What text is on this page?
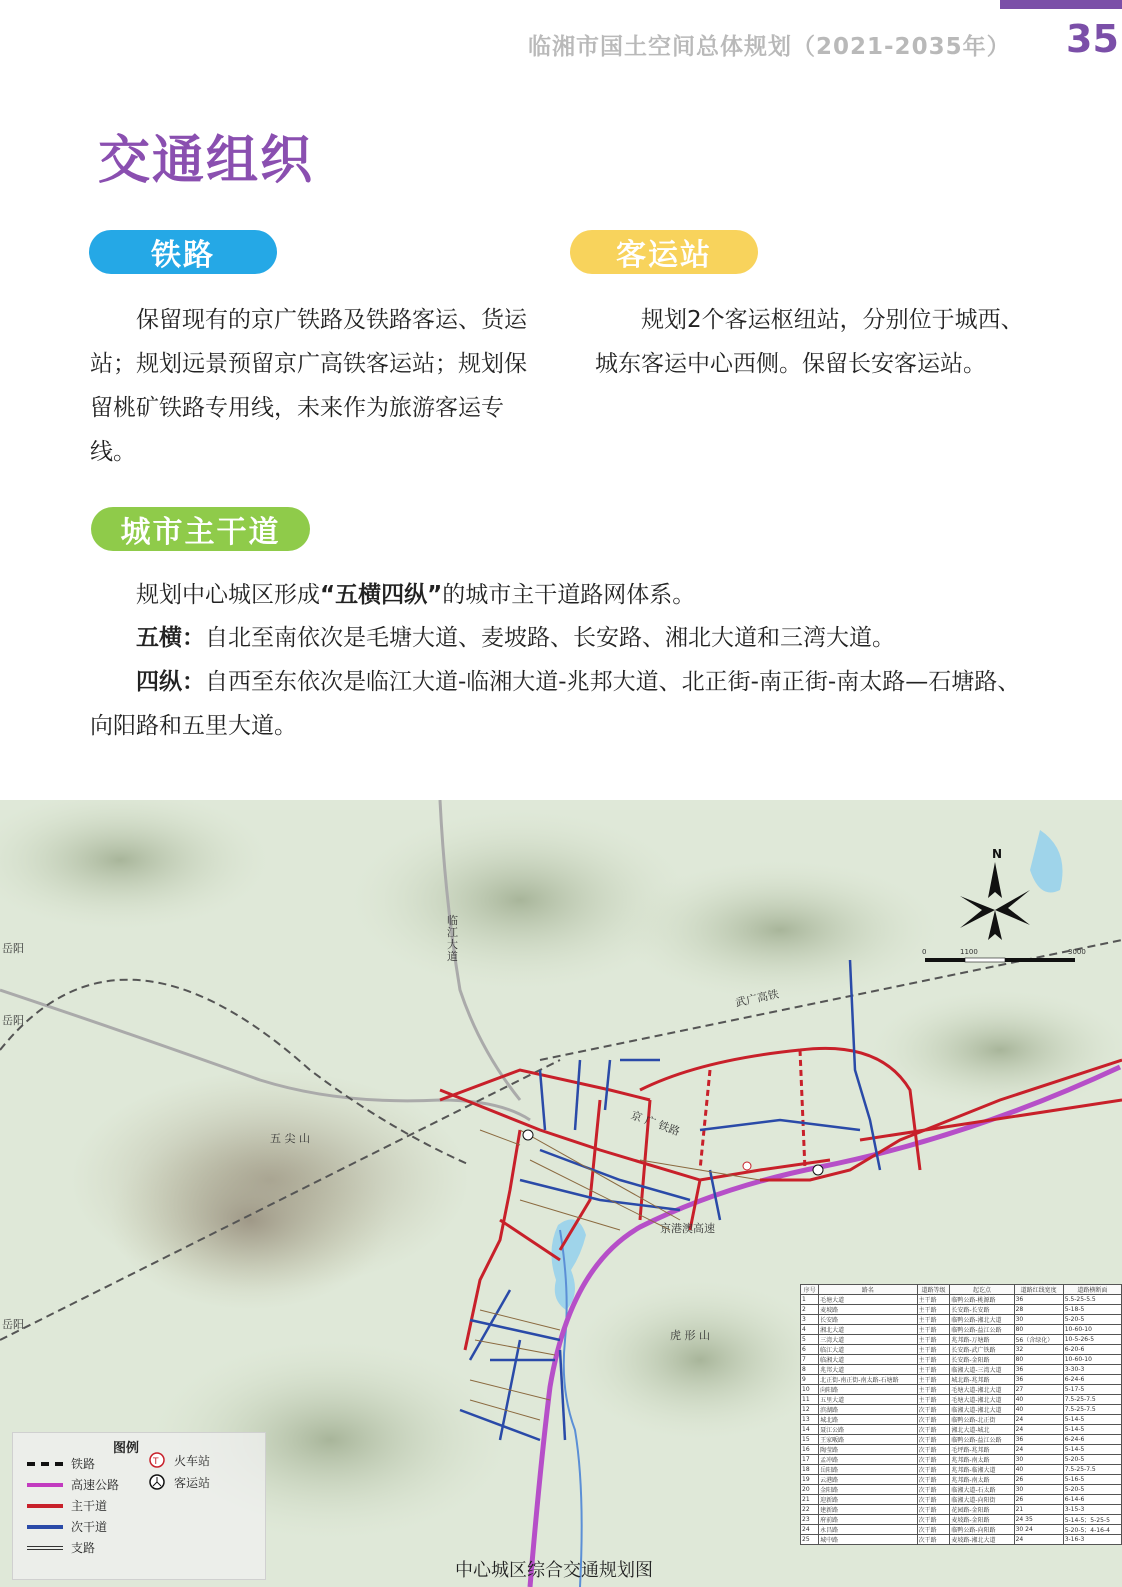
临湘市国土空间总体规划（2021-2035年） 35
交通组织
铁路	客运站
保留现有的京广铁路及铁路客运、货运站；规划远景预留京广高铁客运站；规划保留桃矿铁路专用线，未来作为旅游客运专线。
规划2个客运枢纽站，分别位于城西、城东客运中心西侧。保留长安客运站。
城市主干道
规划中心城区形成“五横四纵”的城市主干道路网体系。
五横：自北至南依次是毛塘大道、麦坡路、长安路、湘北大道和三湾大道。
四纵：自西至东依次是临江大道-临湘大道-兆邦大道、北正街-南正街-南太路—石塘路、向阳路和五里大道。
N
0	1100	3000
临江大道
武广高铁
五 尖 山
虎 形 山
京 广 铁路
京港澳高速
岳阳
岳阳
岳阳
图例
铁路
高速公路
主干道
次干道
支路
T 火车站
客运站
序号	路名	道路等级	起讫点	道路红线宽度	道路横断面
1	毛塘大道	主干路	临鸭公路-桃源路	36	5.5-25-5.5
2	麦坡路	主干路	长安路-长安路	28	5-18-5
3	长安路	主干路	临鸭公路-湘北大道	30	5-20-5
4	湘北大道	主干路	临鸭公路-益江公路	80	10-60-10
5	三湾大道	主干路	兆邦路-万塘路	56（含绿化）	10-5-26-5
6	临江大道	主干路	长安路-武广铁路	32	6-20-6
7	临湘大道	主干路	长安路-金阳路	80	10-60-10
8	兆邦大道	主干路	临湘大道-三湾大道	36	3-30-3
9	北正街-南正街-南太路-石塘路	主干路	城北路-兆邦路	36	6-24-6
10	向阳路	主干路	毛塘大道-湘北大道	27	5-17-5
11	五里大道	主干路	毛塘大道-湘北大道	40	7.5-25-7.5
12	滨湖路	次干路	临湘大道-湘北大道	40	7.5-25-7.5
13	城北路	次干路	临鸭公路-北正街	24	5-14-5
14	聂江公路	次干路	湘北大道-城北	24	5-14-5
15	王家畈路	次干路	临鸭公路-益江公路	36	6-24-6
16	陶莹路	次干路	毛坪路-兆邦路	24	5-14-5
17	孟冲路	次干路	兆邦路-南太路	30	5-20-5
18	岳阳路	次干路	兆邦路-临湘大道	40	7.5-25-7.5
19	云港路	次干路	兆邦路-南太路	26	5-16-5
20	金阳路	次干路	临湘大道-石太路	30	5-20-5
21	迎新路	次干路	临湘大道-向阳街	26	6-14-6
22	建新路	次干路	花园路-金阳路	21	3-15-3
23	府前路	次干路	麦坡路-金阳路	24 35	5-14-5；5-25-5
24	永昌路	次干路	临鸭公路-向阳路	30 24	5-20-5；4-16-4
25	城中路	次干路	麦坡路-湘北大道	24	3-16-3
中心城区综合交通规划图
